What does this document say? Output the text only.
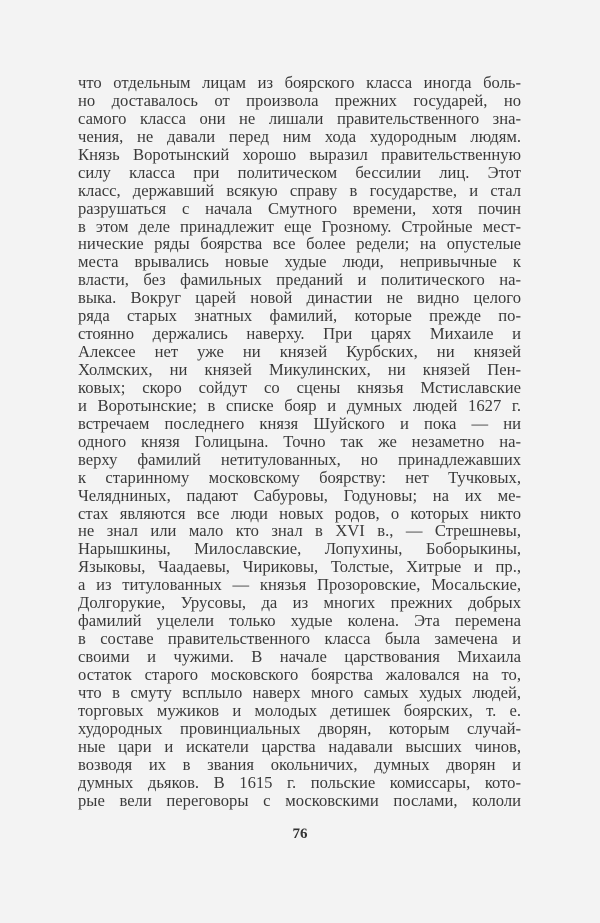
что отдельным лицам из боярского класса иногда боль-
но доставалось от произвола прежних государей, но
самого класса они не лишали правительственного зна-
чения, не давали перед ним хода худородным людям.
Князь Воротынский хорошо выразил правительственную
силу класса при политическом бессилии лиц. Этот
класс, державший всякую справу в государстве, и стал
разрушаться с начала Смутного времени, хотя почин
в этом деле принадлежит еще Грозному. Стройные мест-
нические ряды боярства все более редели; на опустелые
места врывались новые худые люди, непривычные к
власти, без фамильных преданий и политического на-
выка. Вокруг царей новой династии не видно целого
ряда старых знатных фамилий, которые прежде по-
стоянно держались наверху. При царях Михаиле и
Алексее нет уже ни князей Курбских, ни князей
Холмских, ни князей Микулинских, ни князей Пен-
ковых; скоро сойдут со сцены князья Мстиславские
и Воротынские; в списке бояр и думных людей 1627 г.
встречаем последнего князя Шуйского и пока — ни
одного князя Голицына. Точно так же незаметно на-
верху фамилий нетитулованных, но принадлежавших
к старинному московскому боярству: нет Тучковых,
Челядниных, падают Сабуровы, Годуновы; на их ме-
стах являются все люди новых родов, о которых никто
не знал или мало кто знал в XVI в., — Стрешневы,
Нарышкины, Милославские, Лопухины, Боборыкины,
Языковы, Чаадаевы, Чириковы, Толстые, Хитрые и пр.,
а из титулованных — князья Прозоровские, Мосальские,
Долгорукие, Урусовы, да из многих прежних добрых
фамилий уцелели только худые колена. Эта перемена
в составе правительственного класса была замечена и
своими и чужими. В начале царствования Михаила
остаток старого московского боярства жаловался на то,
что в смуту всплыло наверх много самых худых людей,
торговых мужиков и молодых детишек боярских, т. е.
худородных провинциальных дворян, которым случай-
ные цари и искатели царства надавали высших чинов,
возводя их в звания окольничих, думных дворян и
думных дьяков. В 1615 г. польские комиссары, кото-
рые вели переговоры с московскими послами, кололи
76
